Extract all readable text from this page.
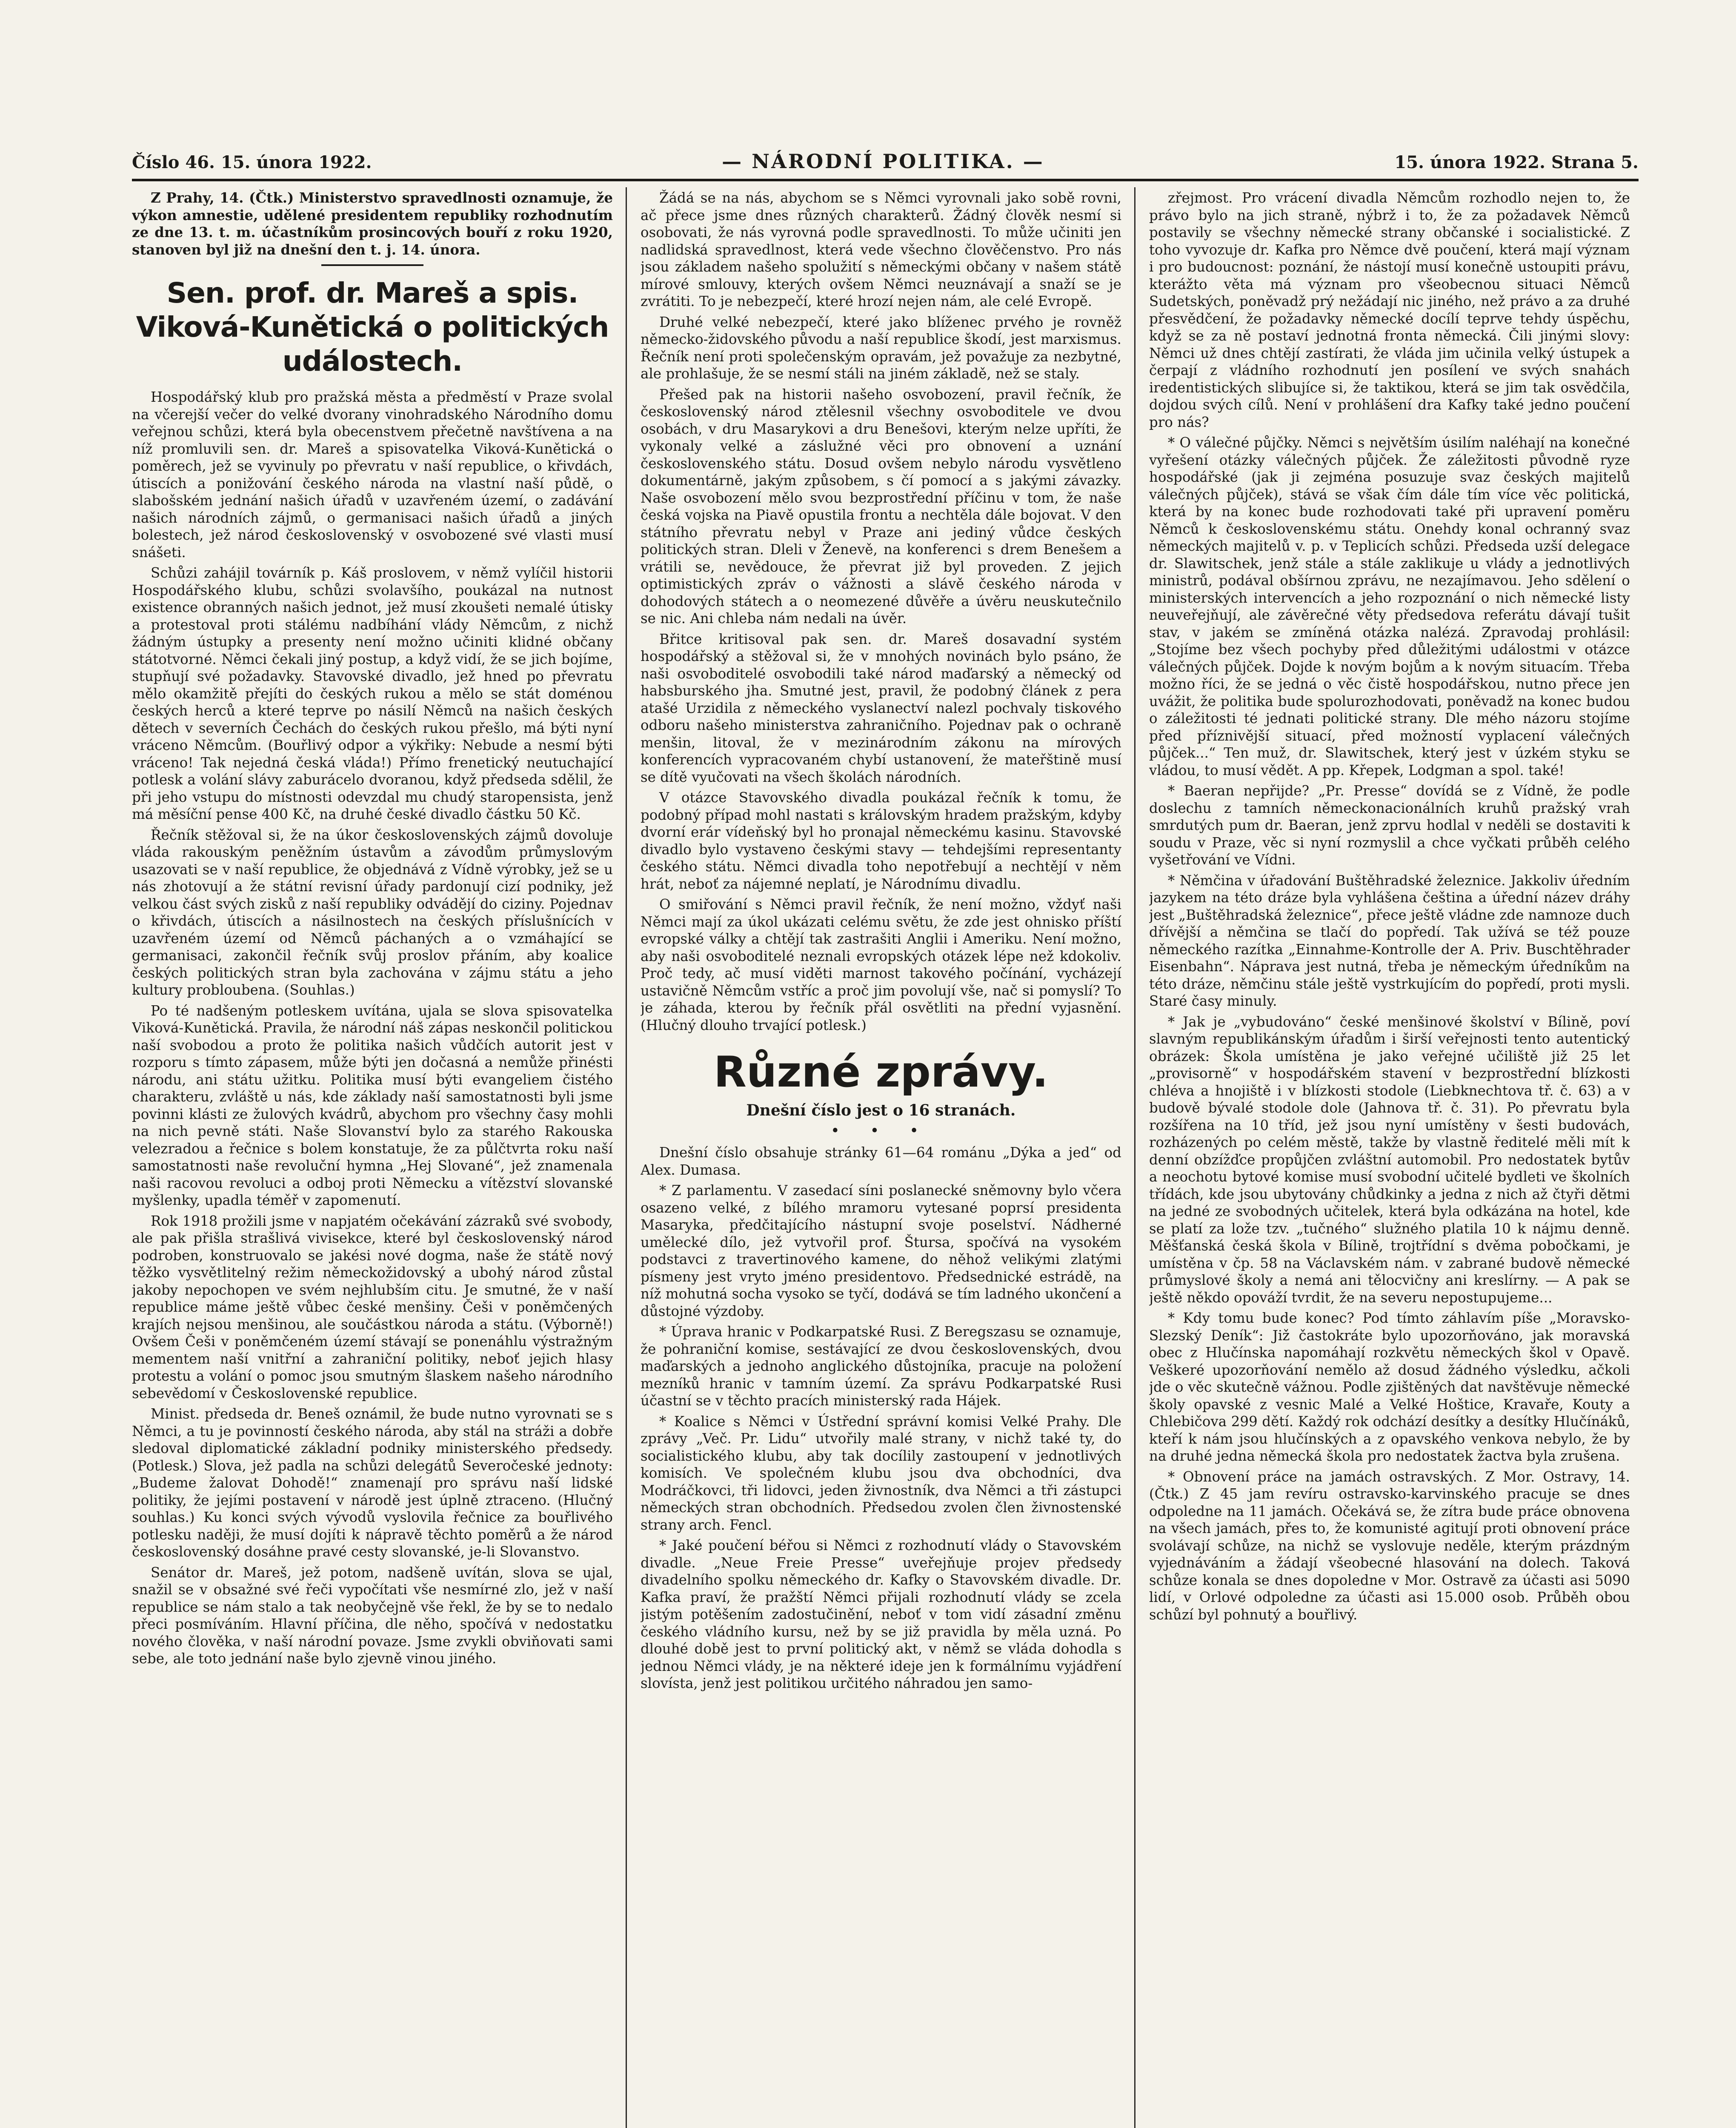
Číslo 46. 15. února 1922.	— NÁRODNÍ POLITIKA. —	15. února 1922. Strana 5.

Z Prahy, 14. (Čtk.) Ministerstvo spravedlnosti oznamuje, že výkon amnestie, udělené presidentem republiky rozhodnutím ze dne 13. t. m. účastníkům prosincových bouří z roku 1920, stanoven byl již na dnešní den t. j. 14. února.

Sen. prof. dr. Mareš a spis. Viková-Kunětická o politických událostech.

Hospodářský klub pro pražská města a předměstí v Praze svolal na včerejší večer do velké dvorany vinohradského Národního domu veřejnou schůzi, která byla obecenstvem přečetně navštívena a na níž promluvili sen. dr. Mareš a spisovatelka Viková-Kunětická o poměrech, jež se vyvinuly po převratu v naší republice, o křivdách, útiscích a ponižování českého národa na vlastní naší půdě, o slabošském jednání našich úřadů v uzavřeném území, o zadávání našich národních zájmů, o germanisaci našich úřadů a jiných bolestech, jež národ československý v osvobozené své vlasti musí snášeti.

Schůzi zahájil továrník p. Káš proslovem, v němž vylíčil historii Hospodářského klubu, schůzi svolavšího, poukázal na nutnost existence obranných našich jednot, jež musí zkoušeti nemalé útisky a protestoval proti stálému nadbíhání vlády Němcům, z nichž žádným ústupky a presenty není možno učiniti klidné občany státotvorné. Němci čekali jiný postup, a když vidí, že se jich bojíme, stupňují své požadavky. Stavovské divadlo, jež hned po převratu mělo okamžitě přejíti do českých rukou a mělo se stát doménou českých herců a které teprve po násilí Němců na našich českých dětech v severních Čechách do českých rukou přešlo, má býti nyní vráceno Němcům. (Bouřlivý odpor a výkřiky: Nebude a nesmí býti vráceno! Tak nejedná česká vláda!) Přímo frenetický neutuchající potlesk a volání slávy zaburácelo dvoranou, když předseda sdělil, že při jeho vstupu do místnosti odevzdal mu chudý staropensista, jenž má měsíční pense 400 Kč, na druhé české divadlo částku 50 Kč.

Řečník stěžoval si, že na úkor československých zájmů dovoluje vláda rakouským peněžním ústavům a závodům průmyslovým usazovati se v naší republice, že objednává z Vídně výrobky, jež se u nás zhotovují a že státní revisní úřady pardonují cizí podniky, jež velkou část svých zisků z naší republiky odvádějí do ciziny. Pojednav o křivdách, útiscích a násilnostech na českých příslušnících v uzavřeném území od Němců páchaných a o vzmáhající se germanisaci, zakončil řečník svůj proslov přáním, aby koalice českých politických stran byla zachována v zájmu státu a jeho kultury probloubena. (Souhlas.)

Po té nadšeným potleskem uvítána, ujala se slova spisovatelka Viková-Kunětická. Pravila, že národní náš zápas neskončil politickou naší svobodou a proto že politika našich vůdčích autorit jest v rozporu s tímto zápasem, může býti jen dočasná a nemůže přinésti národu, ani státu užitku. Politika musí býti evangeliem čistého charakteru, zvláště u nás, kde základy naší samostatnosti byli jsme povinni klásti ze žulových kvádrů, abychom pro všechny časy mohli na nich pevně státi. Naše Slovanství bylo za starého Rakouska velezradou a řečnice s bolem konstatuje, že za půlčtvrta roku naší samostatnosti naše revoluční hymna „Hej Slované“, jež znamenala naši racovou revoluci a odboj proti Německu a vítězství slovanské myšlenky, upadla téměř v zapomenutí.

Rok 1918 prožili jsme v napjatém očekávání zázraků své svobody, ale pak přišla strašlivá vivisekce, které byl československý národ podroben, konstruovalo se jakési nové dogma, naše že státě nový těžko vysvětlitelný režim německožidovský a ubohý národ zůstal jakoby nepochopen ve svém nejhlubším citu. Je smutné, že v naší republice máme ještě vůbec české menšiny. Češi v poněmčených krajích nejsou menšinou, ale součástkou národa a státu. (Výborně!) Ovšem Češi v poněmčeném území stávají se ponenáhlu výstražným mementem naší vnitřní a zahraniční politiky, neboť jejich hlasy protestu a volání o pomoc jsou smutným šlaskem našeho národního sebevědomí v Československé republice.

Minist. předseda dr. Beneš oznámil, že bude nutno vyrovnati se s Němci, a tu je povinností českého národa, aby stál na stráži a dobře sledoval diplomatické základní podniky ministerského předsedy. (Potlesk.) Slova, jež padla na schůzi delegátů Severočeské jednoty: „Budeme žalovat Dohodě!“ znamenají pro správu naší lidské politiky, že jejími postavení v národě jest úplně ztraceno. (Hlučný souhlas.) Ku konci svých vývodů vyslovila řečnice za bouřlivého potlesku naději, že musí dojíti k nápravě těchto poměrů a že národ československý dosáhne pravé cesty slovanské, je-li Slovanstvo.

Senátor dr. Mareš, jež potom, nadšeně uvítán, slova se ujal, snažil se v obsažné své řeči vypočítati vše nesmírné zlo, jež v naší republice se nám stalo a tak neobyčejně vše řekl, že by se to nedalo přeci posmíváním. Hlavní příčina, dle něho, spočívá v nedostatku nového člověka, v naší národní povaze. Jsme zvykli obviňovati sami sebe, ale toto jednání naše bylo zjevně vinou jiného.

Žádá se na nás, abychom se s Němci vyrovnali jako sobě rovni, ač přece jsme dnes různých charakterů. Žádný člověk nesmí si osobovati, že nás vyrovná podle spravedlnosti. To může učiniti jen nadlidská spravedlnost, která vede všechno člověčenstvo. Pro nás jsou základem našeho spolužití s německými občany v našem státě mírové smlouvy, kterých ovšem Němci neuznávají a snaží se je zvrátiti. To je nebezpečí, které hrozí nejen nám, ale celé Evropě.

Druhé velké nebezpečí, které jako blíženec prvého je rovněž německo-židovského původu a naší republice škodí, jest marxismus. Řečník není proti společenským opravám, jež považuje za nezbytné, ale prohlašuje, že se nesmí stáli na jiném základě, než se staly.

Přešed pak na historii našeho osvobození, pravil řečník, že československý národ ztělesnil všechny osvoboditele ve dvou osobách, v dru Masarykovi a dru Benešovi, kterým nelze upříti, že vykonaly velké a záslužné věci pro obnovení a uznání československého státu. Dosud ovšem nebylo národu vysvětleno dokumentárně, jakým způsobem, s čí pomocí a s jakými závazky. Naše osvobození mělo svou bezprostřední příčinu v tom, že naše česká vojska na Piavě opustila frontu a nechtěla dále bojovat. V den státního převratu nebyl v Praze ani jediný vůdce českých politických stran. Dleli v Ženevě, na konferenci s drem Benešem a vrátili se, nevědouce, že převrat již byl proveden. Z jejich optimistických zpráv o vážnosti a slávě českého národa v dohodových státech a o neomezené důvěře a úvěru neuskutečnilo se nic. Ani chleba nám nedali na úvěr.

Břitce kritisoval pak sen. dr. Mareš dosavadní systém hospodářský a stěžoval si, že v mnohých novinách bylo psáno, že naši osvoboditelé osvobodili také národ maďarský a německý od habsburského jha. Smutné jest, pravil, že podobný článek z pera atašé Urzidila z německého vyslanectví nalezl pochvaly tiskového odboru našeho ministerstva zahraničního. Pojednav pak o ochraně menšin, litoval, že v mezinárodním zákonu na mírových konferencích vypracovaném chybí ustanovení, že mateřštině musí se dítě vyučovati na všech školách národních.

V otázce Stavovského divadla poukázal řečník k tomu, že podobný případ mohl nastati s královským hradem pražským, kdyby dvorní erár vídeňský byl ho pronajal německému kasinu. Stavovské divadlo bylo vystaveno českými stavy — tehdejšími representanty českého státu. Němci divadla toho nepotřebují a nechtějí v něm hrát, neboť za nájemné neplatí, je Národnímu divadlu.

O smiřování s Němci pravil řečník, že není možno, vždyť naši Němci mají za úkol ukázati celému světu, že zde jest ohnisko příští evropské války a chtějí tak zastrašiti Anglii i Ameriku. Není možno, aby naši osvoboditelé neznali evropských otázek lépe než kdokoliv. Proč tedy, ač musí viděti marnost takového počínání, vycházejí ustavičně Němcům vstříc a proč jim povolují vše, nač si pomyslí? To je záhada, kterou by řečník přál osvětliti na přední vyjasnění. (Hlučný dlouho trvající potlesk.)

Různé zprávy.
Dnešní číslo jest o 16 stranách.
• • •

Dnešní číslo obsahuje stránky 61—64 románu „Dýka a jed“ od Alex. Dumasa.

* Z parlamentu. V zasedací síni poslanecké sněmovny bylo včera osazeno velké, z bílého mramoru vytesané poprsí presidenta Masaryka, předčitajícího nástupní svoje poselství. Nádherné umělecké dílo, jež vytvořil prof. Štursa, spočívá na vysokém podstavci z travertinového kamene, do něhož velikými zlatými písmeny jest vryto jméno presidentovo. Předsednické estrádě, na níž mohutná socha vysoko se tyčí, dodává se tím ladného ukončení a důstojné výzdoby.

* Úprava hranic v Podkarpatské Rusi. Z Beregszasu se oznamuje, že pohraniční komise, sestávající ze dvou československých, dvou maďarských a jednoho anglického důstojníka, pracuje na položení mezníků hranic v tamním území. Za správu Podkarpatské Rusi účastní se v těchto pracích ministerský rada Hájek.

* Koalice s Němci v Ústřední správní komisi Velké Prahy. Dle zprávy „Več. Pr. Lidu“ utvořily malé strany, v nichž také ty, do socialistického klubu, aby tak docílily zastoupení v jednotlivých komisích. Ve společném klubu jsou dva obchodníci, dva Modráčkovci, tři lidovci, jeden živnostník, dva Němci a tři zástupci německých stran obchodních. Předsedou zvolen člen živnostenské strany arch. Fencl.

* Jaké poučení béřou si Němci z rozhodnutí vlády o Stavovském divadle. „Neue Freie Presse“ uveřejňuje projev předsedy divadelního spolku německého dr. Kafky o Stavovském divadle. Dr. Kafka praví, že pražští Němci přijali rozhodnutí vlády se zcela jistým potěšením zadostučinění, neboť v tom vidí zásadní změnu českého vládního kursu, než by se již pravidla by měla uzná. Po dlouhé době jest to první politický akt, v němž se vláda dohodla s jednou Němci vlády, je na některé ideje jen k formálnímu vyjádření slovísta, jenž jest politikou určitého náhradou jen samo-

zřejmost. Pro vrácení divadla Němcům rozhodlo nejen to, že právo bylo na jich straně, nýbrž i to, že za požadavek Němců postavily se všechny německé strany občanské i socialistické. Z toho vyvozuje dr. Kafka pro Němce dvě poučení, která mají význam i pro budoucnost: poznání, že nástojí musí konečně ustoupiti právu, kterážto věta má význam pro všeobecnou situaci Němců Sudetských, poněvadž prý nežádají nic jiného, než právo a za druhé přesvědčení, že požadavky německé docílí teprve tehdy úspěchu, když se za ně postaví jednotná fronta německá. Čili jinými slovy: Němci už dnes chtějí zastírati, že vláda jim učinila velký ústupek a čerpají z vládního rozhodnutí jen posílení ve svých snahách iredentistických slibujíce si, že taktikou, která se jim tak osvědčila, dojdou svých cílů. Není v prohlášení dra Kafky také jedno poučení pro nás?

* O válečné půjčky. Němci s největším úsilím naléhají na konečné vyřešení otázky válečných půjček. Že záležitosti původně ryze hospodářské (jak ji zejména posuzuje svaz českých majitelů válečných půjček), stává se však čím dále tím více věc politická, která by na konec bude rozhodovati také při upravení poměru Němců k československému státu. Onehdy konal ochranný svaz německých majitelů v. p. v Teplicích schůzi. Předseda uzší delegace dr. Slawitschek, jenž stále a stále zaklikuje u vlády a jednotlivých ministrů, podával obšírnou zprávu, ne nezajímavou. Jeho sdělení o ministerských intervencích a jeho rozpoznání o nich německé listy neuveřejňují, ale závěrečné věty předsedova referátu dávají tušit stav, v jakém se zmíněná otázka nalézá. Zpravodaj prohlásil: „Stojíme bez všech pochyby před důležitými událostmi v otázce válečných půjček. Dojde k novým bojům a k novým situacím. Třeba možno říci, že se jedná o věc čistě hospodářskou, nutno přece jen uvážit, že politika bude spolurozhodovati, poněvadž na konec budou o záležitosti té jednati politické strany. Dle mého názoru stojíme před příznivější situací, před možností vyplacení válečných půjček...“ Ten muž, dr. Slawitschek, který jest v úzkém styku se vládou, to musí vědět. A pp. Křepek, Lodgman a spol. také!

* Baeran nepřijde? „Pr. Presse“ dovídá se z Vídně, že podle doslechu z tamních německonacionálních kruhů pražský vrah smrdutých pum dr. Baeran, jenž zprvu hodlal v neděli se dostaviti k soudu v Praze, věc si nyní rozmyslil a chce vyčkati průběh celého vyšetřování ve Vídni.

* Němčina v úřadování Buštěhradské železnice. Jakkoliv úředním jazykem na této dráze byla vyhlášena čeština a úřední název dráhy jest „Buštěhradská železnice“, přece ještě vládne zde namnoze duch dřívější a němčina se tlačí do popředí. Tak užívá se též pouze německého razítka „Einnahme-Kontrolle der A. Priv. Buschtěhrader Eisenbahn“. Náprava jest nutná, třeba je německým úředníkům na této dráze, němčinu stále ještě vystrkujícím do popředí, proti mysli. Staré časy minuly.

* Jak je „vybudováno“ české menšinové školství v Bílině, poví slavným republikánským úřadům i širší veřejnosti tento autentický obrázek: Škola umístěna je jako veřejné učiliště již 25 let „provisorně“ v hospodářském stavení v bezprostřední blízkosti chléva a hnojiště i v blízkosti stodole (Liebknechtova tř. č. 63) a v budově bývalé stodole dole (Jahnova tř. č. 31). Po převratu byla rozšířena na 10 tříd, jež jsou nyní umístěny v šesti budovách, rozházených po celém městě, takže by vlastně ředitelé měli mít k denní obzížďce propůjčen zvláštní automobil. Pro nedostatek bytův a neochotu bytové komise musí svobodní učitelé bydleti ve školních třídách, kde jsou ubytovány chůdkinky a jedna z nich až čtyři dětmi na jedné ze svobodných učitelek, která byla odkázána na hotel, kde se platí za lože tzv. „tučného“ služného platila 10 k nájmu denně. Měšťanská česká škola v Bílině, trojtřídní s dvěma pobočkami, je umístěna v čp. 58 na Václavském nám. v zabrané budově německé průmyslové školy a nemá ani tělocvičny ani kreslírny. — A pak se ještě někdo opováží tvrdit, že na severu nepostupujeme...

* Kdy tomu bude konec? Pod tímto záhlavím píše „Moravsko-Slezský Deník“: Již častokráte bylo upozorňováno, jak moravská obec z Hlučínska napomáhají rozkvětu německých škol v Opavě. Veškeré upozorňování nemělo až dosud žádného výsledku, ačkoli jde o věc skutečně vážnou. Podle zjištěných dat navštěvuje německé školy opavské z vesnic Malé a Velké Hoštice, Kravaře, Kouty a Chlebičova 299 dětí. Každý rok odchází desítky a desítky Hlučínáků, kteří k nám jsou hlučínských a z opavského venkova nebylo, že by na druhé jedna německá škola pro nedostatek žactva byla zrušena.

* Obnovení práce na jamách ostravských. Z Mor. Ostravy, 14. (Čtk.) Z 45 jam revíru ostravsko-karvinského pracuje se dnes odpoledne na 11 jamách. Očekává se, že zítra bude práce obnovena na všech jamách, přes to, že komunisté agitují proti obnovení práce svolávají schůze, na nichž se vyslovuje neděle, kterým prázdným vyjednáváním a žádají všeobecné hlasování na dolech. Taková schůze konala se dnes dopoledne v Mor. Ostravě za účasti asi 5090 lidí, v Orlové odpoledne za účasti asi 15.000 osob. Průběh obou schůzí byl pohnutý a bouřlivý.
